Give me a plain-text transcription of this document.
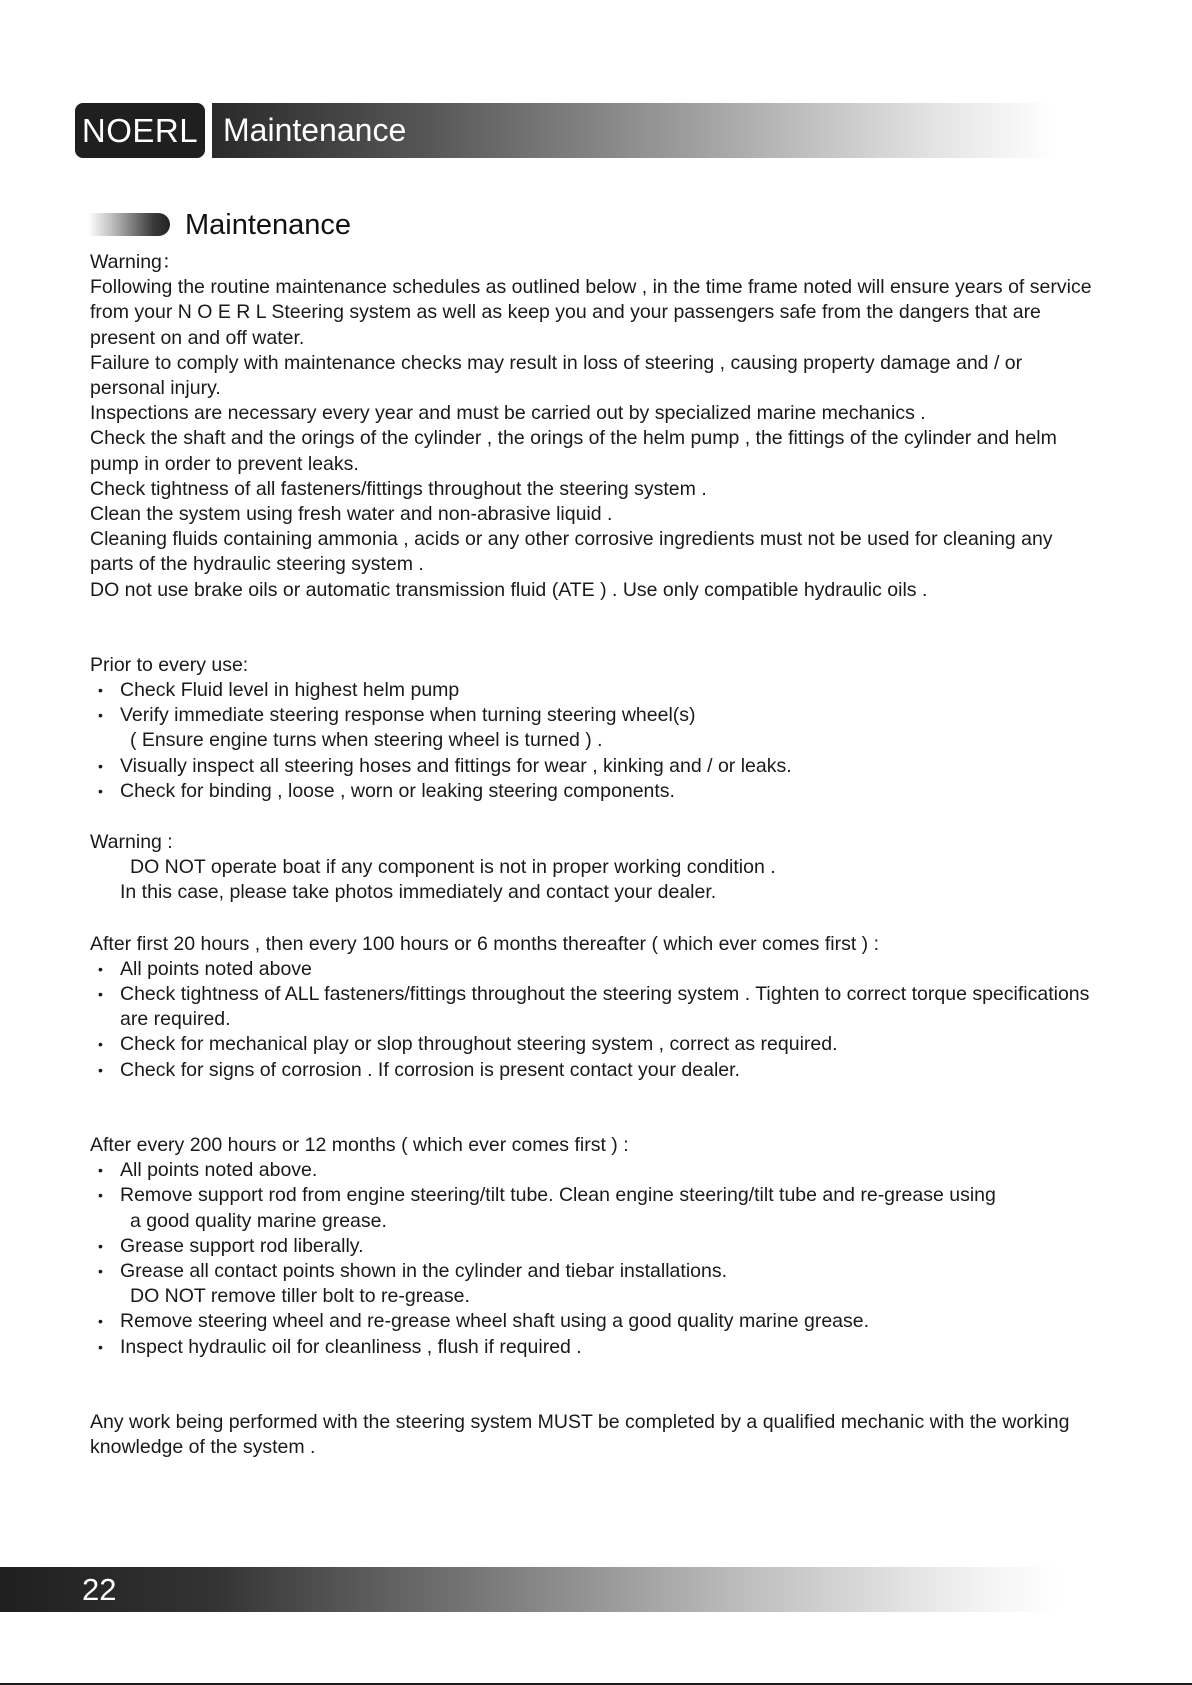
NOERL Maintenance
Maintenance

Warning：

Following the routine maintenance schedules as outlined below , in the time frame noted will ensure years of service from your N O E R L Steering system as well as keep you and your passengers safe from the dangers that are present on and off water.

Failure to comply with maintenance checks may result in loss of steering , causing property damage and / or personal injury.

Inspections are necessary every year and must be carried out by specialized marine mechanics .

Check the shaft and the orings of the cylinder , the orings of the helm pump , the fittings of the cylinder and helm pump in order to prevent leaks.

Check tightness of all fasteners/fittings throughout the steering system .

Clean the system using fresh water and non-abrasive liquid .

Cleaning fluids containing ammonia , acids or any other corrosive ingredients must not be used for cleaning any parts of the hydraulic steering system .

DO not use brake oils or automatic transmission fluid (ATE ) . Use only compatible hydraulic oils .

Prior to every use:

• Check Fluid level in highest helm pump

• Verify immediate steering response when turning steering wheel(s)

( Ensure engine turns when steering wheel is turned ) .

• Visually inspect all steering hoses and fittings for wear , kinking and / or leaks.

• Check for binding , loose , worn or leaking steering components.

Warning :

DO NOT operate boat if any component is not in proper working condition .

In this case, please take photos immediately and contact your dealer.

After first 20 hours , then every 100 hours or 6 months thereafter ( which ever comes first ) :

• All points noted above

• Check tightness of ALL fasteners/fittings throughout the steering system . Tighten to correct torque specifications are required.

• Check for mechanical play or slop throughout steering system , correct as required.

• Check for signs of corrosion . If corrosion is present contact your dealer.

After every 200 hours or 12 months ( which ever comes first ) :

• All points noted above.

• Remove support rod from engine steering/tilt tube. Clean engine steering/tilt tube and re-grease using

a good quality marine grease.

• Grease support rod liberally.

• Grease all contact points shown in the cylinder and tiebar installations.

DO NOT remove tiller bolt to re-grease.

• Remove steering wheel and re-grease wheel shaft using a good quality marine grease.

• Inspect hydraulic oil for cleanliness , flush if required .

Any work being performed with the steering system MUST be completed by a qualified mechanic with the working knowledge of the system .

22
